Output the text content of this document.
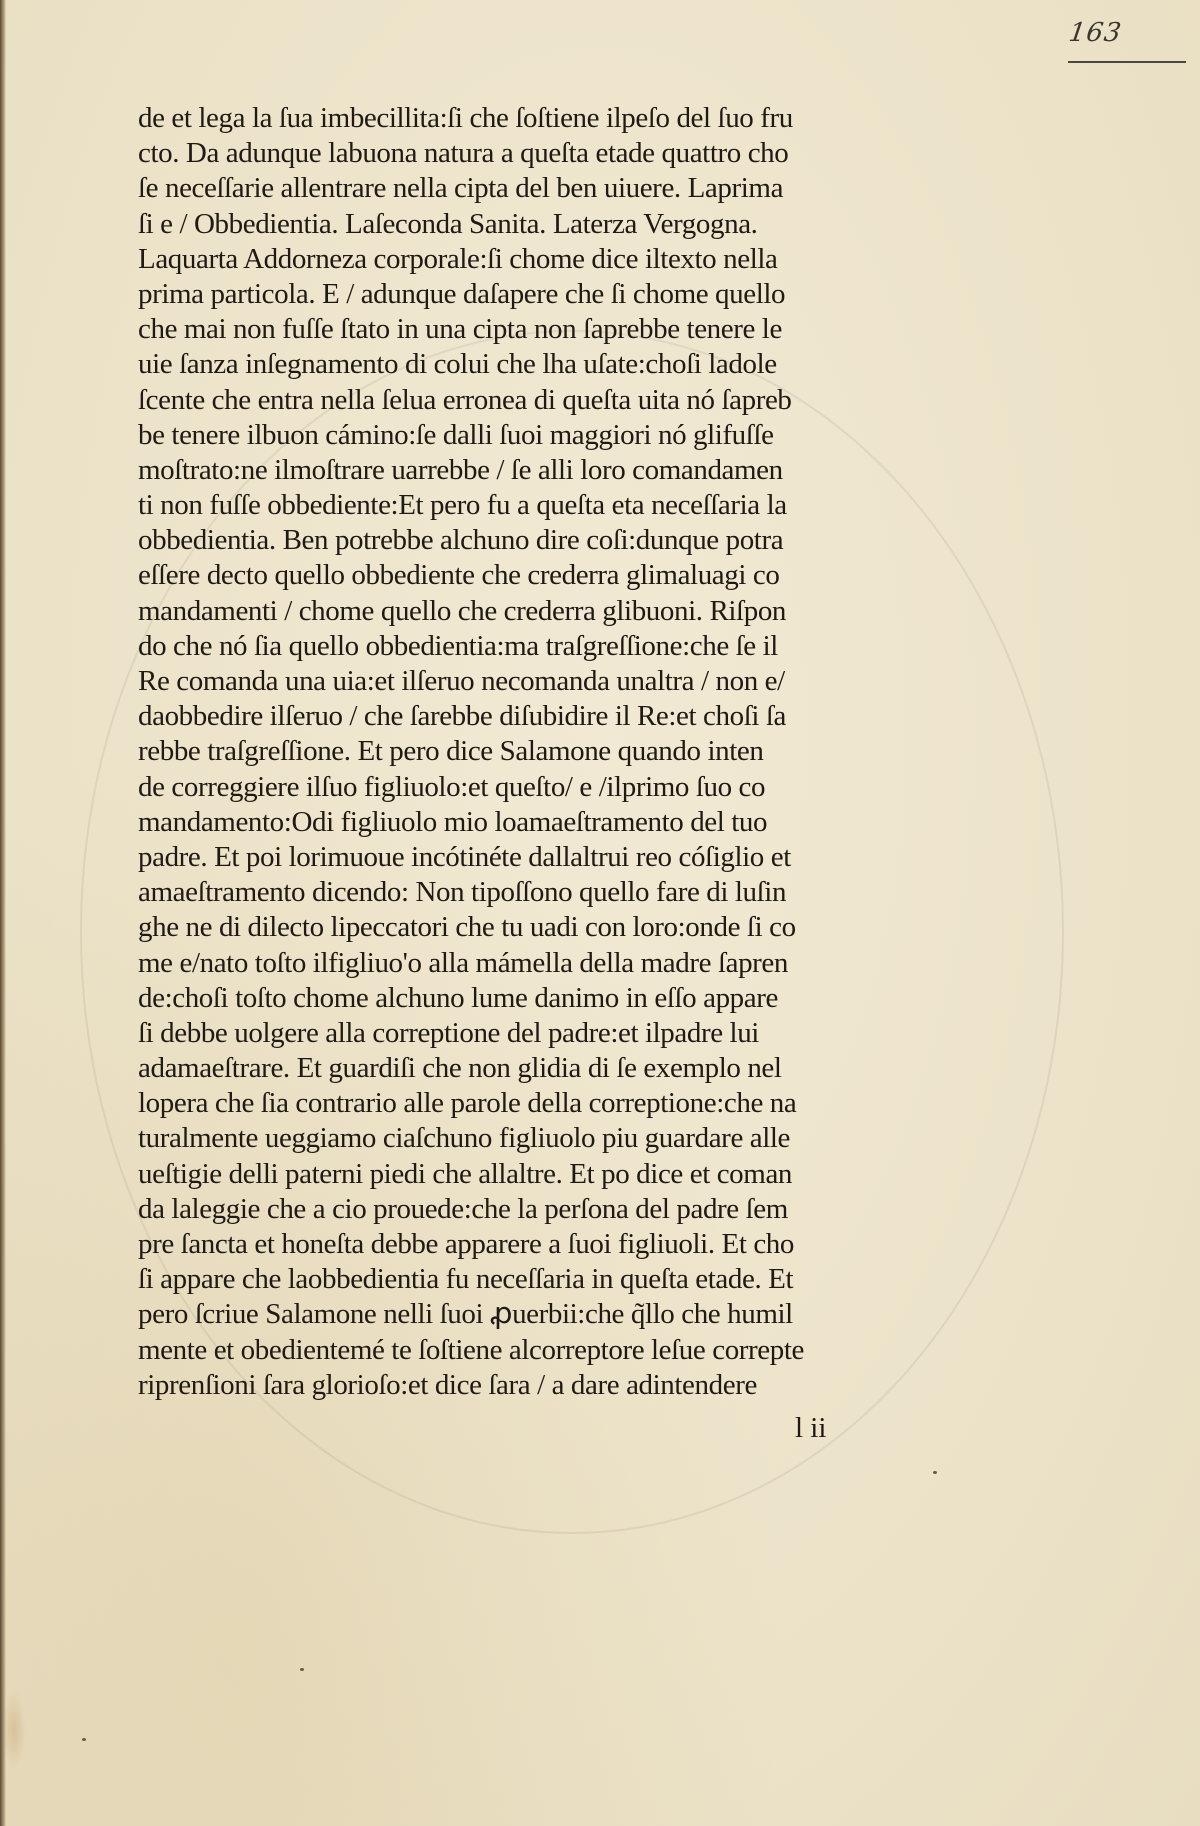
163
de et lega la ſua imbecillita:ſi che ſoſtiene ilpeſo del ſuo fru
cto. Da adunque labuona natura a queſta etade quattro cho
ſe neceſſarie allentrare nella cipta del ben uiuere. Laprima
ſi e / Obbedientia. Laſeconda Sanita. Laterza Vergogna.
Laquarta Addorneza corporale:ſi chome dice iltexto nella
prima particola. E / adunque daſapere che ſi chome quello
che mai non fuſſe ſtato in una cipta non ſaprebbe tenere le
uie ſanza inſegnamento di colui che lha uſate:choſi ladole
ſcente che entra nella ſelua erronea di queſta uita nó ſapreb
be tenere ilbuon cámino:ſe dalli ſuoi maggiori nó glifuſſe
moſtrato:ne ilmoſtrare uarrebbe / ſe alli loro comandamen
ti non fuſſe obbediente:Et pero fu a queſta eta neceſſaria la
obbedientia. Ben potrebbe alchuno dire coſi:dunque potra
eſſere decto quello obbediente che crederra glimaluagi co
mandamenti / chome quello che crederra glibuoni. Riſpon
do che nó ſia quello obbedientia:ma traſgreſſione:che ſe il
Re comanda una uia:et ilſeruo necomanda unaltra / non e/
daobbedire ilſeruo / che ſarebbe diſubidire il Re:et choſi ſa
rebbe traſgreſſione. Et pero dice Salamone quando inten
de correggiere ilſuo figliuolo:et queſto/ e /ilprimo ſuo co
mandamento:Odi figliuolo mio loamaeſtramento del tuo
padre. Et poi lorimuoue incótinéte dallaltrui reo cóſiglio et
amaeſtramento dicendo: Non tipoſſono quello fare di luſin
ghe ne di dilecto lipeccatori che tu uadi con loro:onde ſi co
me e/nato toſto ilfigliuo'o alla mámella della madre ſapren
de:choſi toſto chome alchuno lume danimo in eſſo appare
ſi debbe uolgere alla correptione del padre:et ilpadre lui
adamaeſtrare. Et guardiſi che non glidia di ſe exemplo nel
lopera che ſia contrario alle parole della correptione:che na
turalmente ueggiamo ciaſchuno figliuolo piu guardare alle
ueſtigie delli paterni piedi che allaltre. Et po dice et coman
da laleggie che a cio prouede:che la perſona del padre ſem
pre ſancta et honeſta debbe apparere a ſuoi figliuoli. Et cho
ſi appare che laobbedientia fu neceſſaria in queſta etade. Et
pero ſcriue Salamone nelli ſuoi ꝓuerbii:che q̃llo che humil
mente et obedientemé te ſoſtiene alcorreptore leſue correpte
riprenſioni ſara glorioſo:et dice ſara / a dare adintendere
l ii
